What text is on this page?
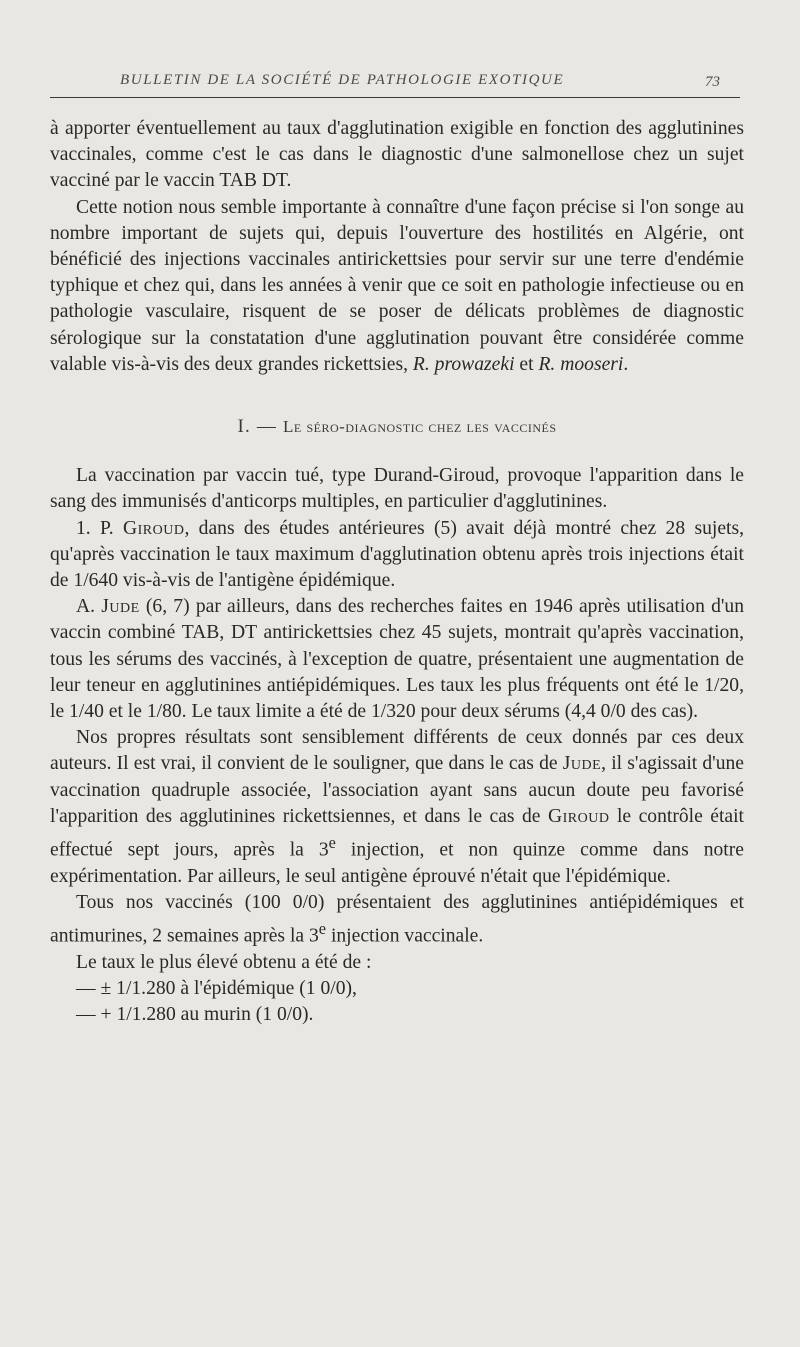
BULLETIN DE LA SOCIÉTÉ DE PATHOLOGIE EXOTIQUE	73

à apporter éventuellement au taux d'agglutination exigible en fonction des agglutinines vaccinales, comme c'est le cas dans le diagnostic d'une salmonellose chez un sujet vacciné par le vaccin TAB DT.

Cette notion nous semble importante à connaître d'une façon précise si l'on songe au nombre important de sujets qui, depuis l'ouverture des hostilités en Algérie, ont bénéficié des injections vaccinales antirickettsies pour servir sur une terre d'endémie typhique et chez qui, dans les années à venir que ce soit en pathologie infectieuse ou en pathologie vasculaire, risquent de se poser de délicats problèmes de diagnostic sérologique sur la constatation d'une agglutination pouvant être considérée comme valable vis-à-vis des deux grandes rickettsies, R. prowazeki et R. mooseri.

I. — Le séro-diagnostic chez les vaccinés

La vaccination par vaccin tué, type Durand-Giroud, provoque l'apparition dans le sang des immunisés d'anticorps multiples, en particulier d'agglutinines.

1. P. Giroud, dans des études antérieures (5) avait déjà montré chez 28 sujets, qu'après vaccination le taux maximum d'agglutination obtenu après trois injections était de 1/640 vis-à-vis de l'antigène épidémique.

A. Jude (6, 7) par ailleurs, dans des recherches faites en 1946 après utilisation d'un vaccin combiné TAB, DT antirickettsies chez 45 sujets, montrait qu'après vaccination, tous les sérums des vaccinés, à l'exception de quatre, présentaient une augmentation de leur teneur en agglutinines antiépidémiques. Les taux les plus fréquents ont été le 1/20, le 1/40 et le 1/80. Le taux limite a été de 1/320 pour deux sérums (4,4 0/0 des cas).

Nos propres résultats sont sensiblement différents de ceux donnés par ces deux auteurs. Il est vrai, il convient de le souligner, que dans le cas de Jude, il s'agissait d'une vaccination quadruple associée, l'association ayant sans aucun doute peu favorisé l'apparition des agglutinines rickettsiennes, et dans le cas de Giroud le contrôle était effectué sept jours, après la 3e injection, et non quinze comme dans notre expérimentation. Par ailleurs, le seul antigène éprouvé n'était que l'épidémique.

Tous nos vaccinés (100 0/0) présentaient des agglutinines antiépidémiques et antimurines, 2 semaines après la 3e injection vaccinale.

Le taux le plus élevé obtenu a été de :

— ± 1/1.280 à l'épidémique (1 0/0),

— + 1/1.280 au murin (1 0/0).
